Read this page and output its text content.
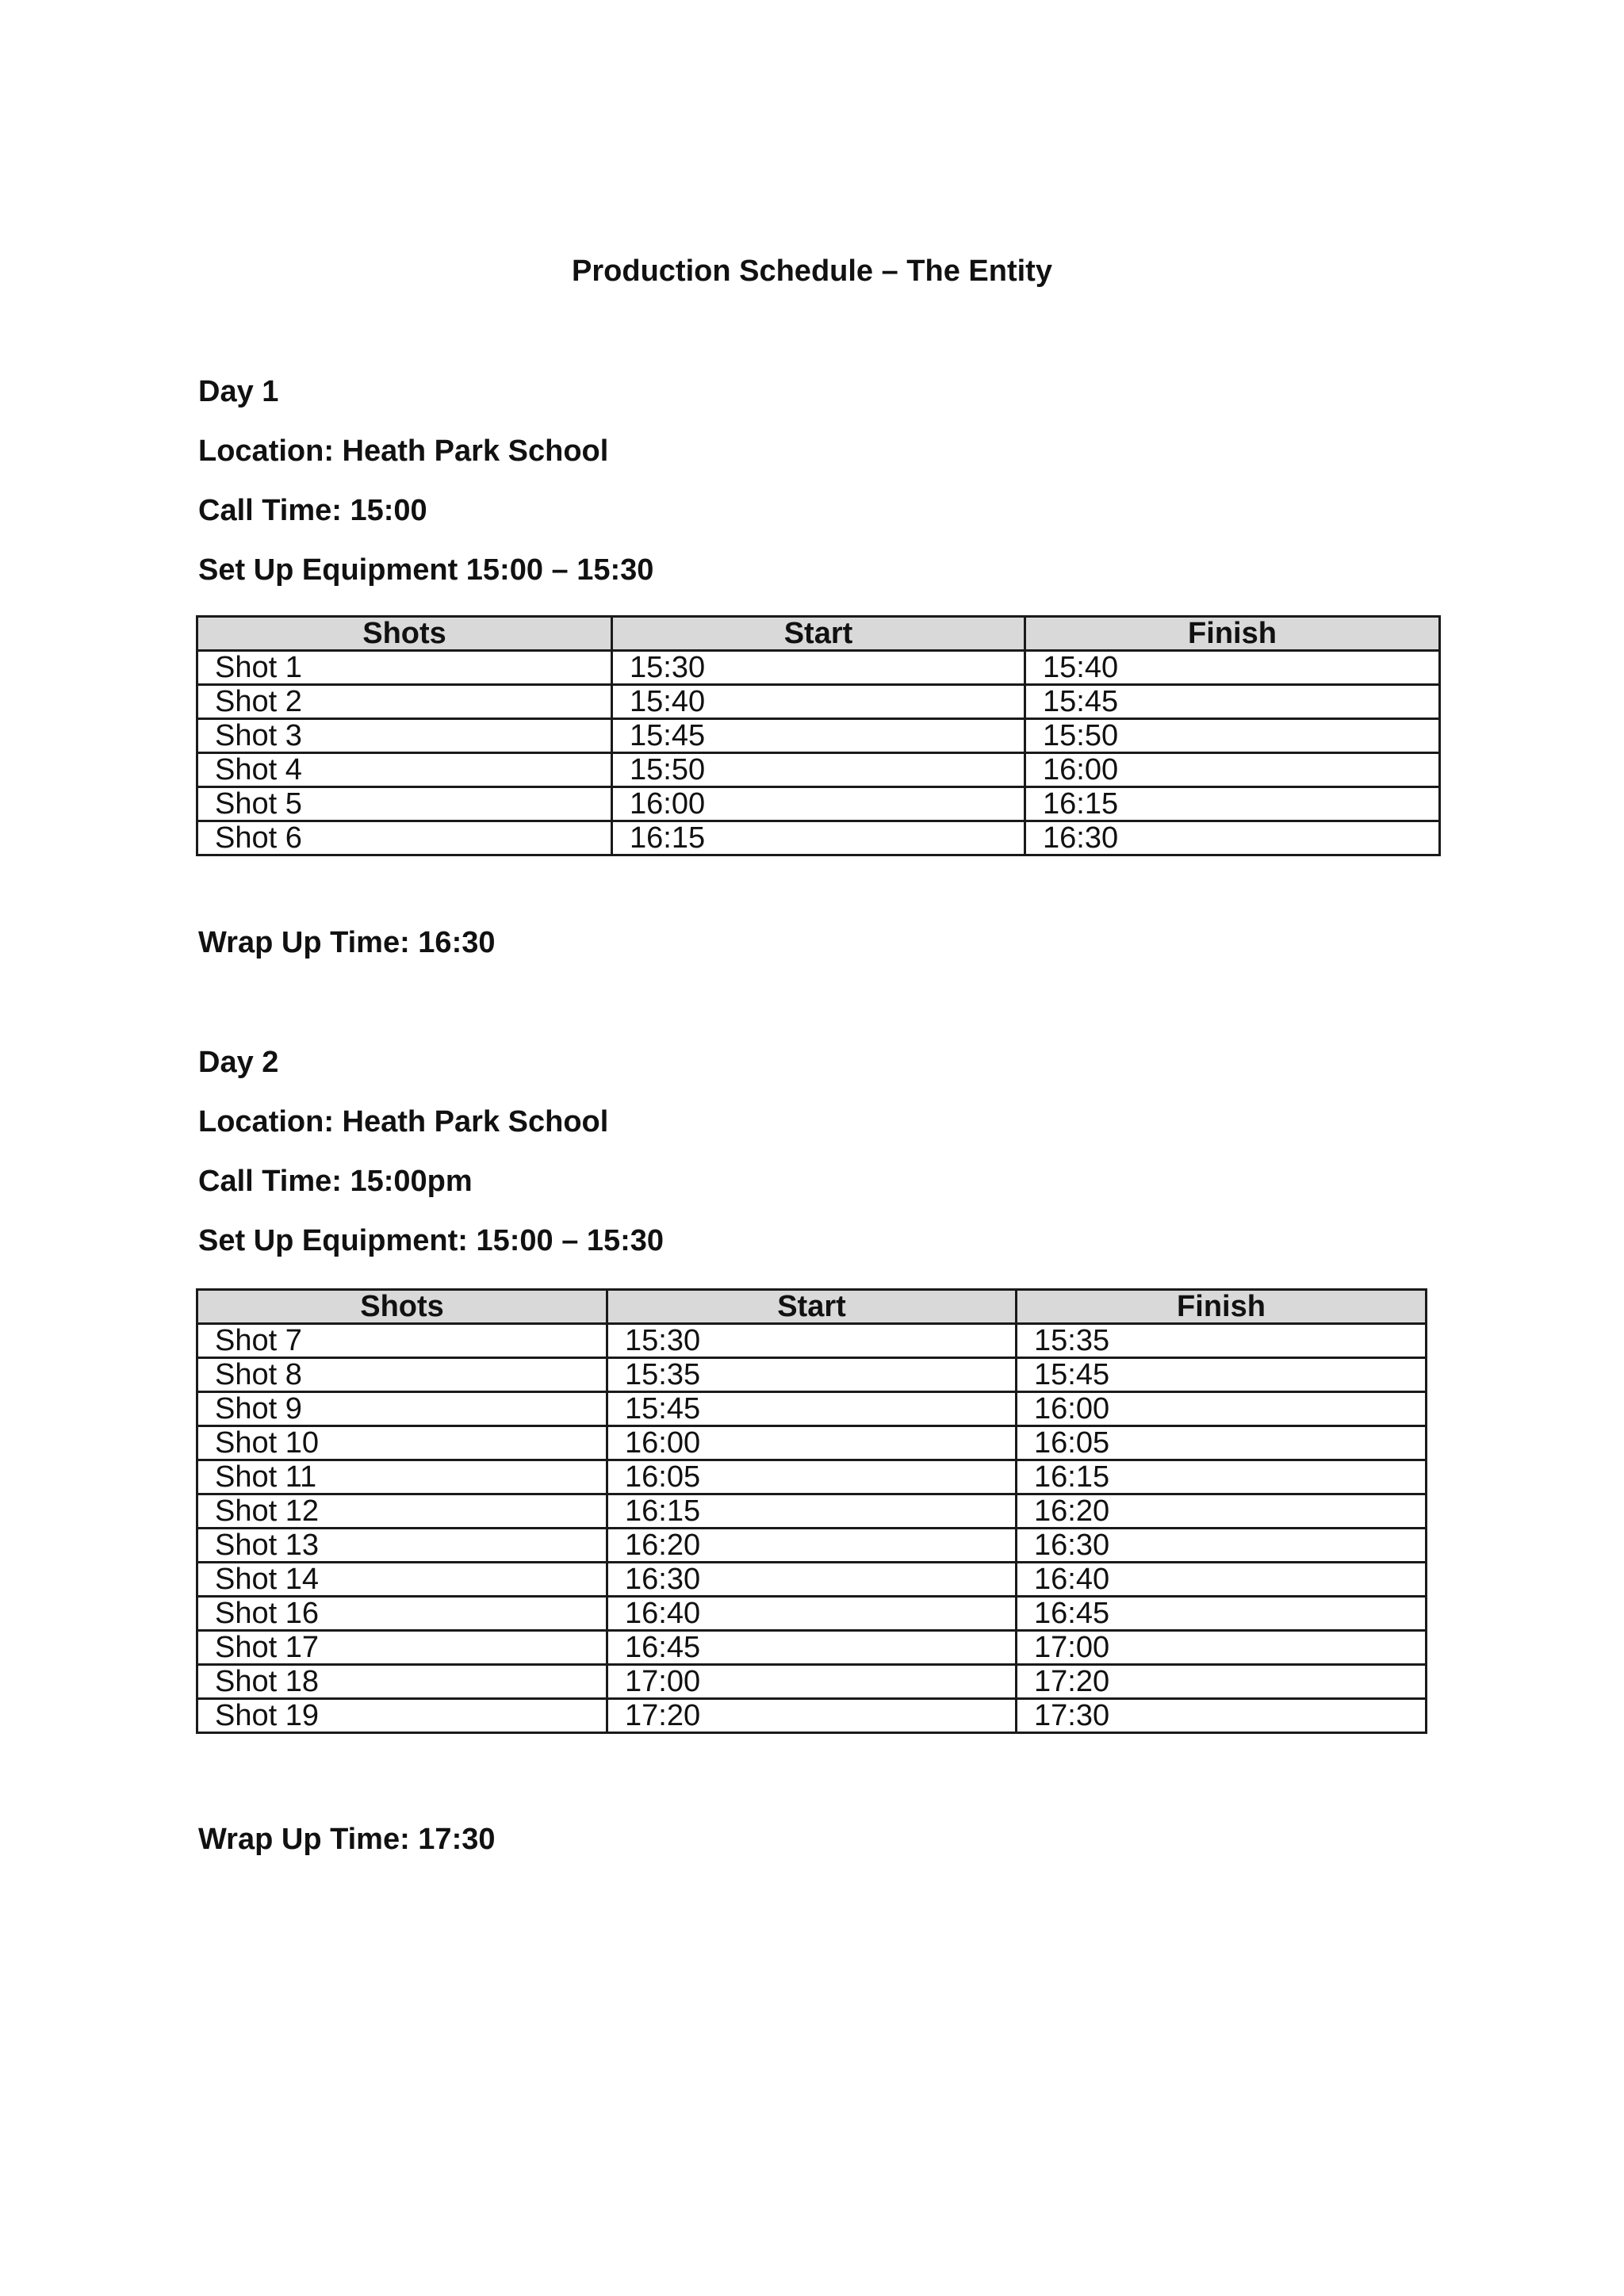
Production Schedule – The Entity
Day 1
Location: Heath Park School
Call Time: 15:00
Set Up Equipment 15:00 – 15:30
Shots	Start	Finish
Shot 1	15:30	15:40
Shot 2	15:40	15:45
Shot 3	15:45	15:50
Shot 4	15:50	16:00
Shot 5	16:00	16:15
Shot 6	16:15	16:30
Wrap Up Time: 16:30
Day 2
Location: Heath Park School
Call Time: 15:00pm
Set Up Equipment: 15:00 – 15:30
Shots	Start	Finish
Shot 7	15:30	15:35
Shot 8	15:35	15:45
Shot 9	15:45	16:00
Shot 10	16:00	16:05
Shot 11	16:05	16:15
Shot 12	16:15	16:20
Shot 13	16:20	16:30
Shot 14	16:30	16:40
Shot 16	16:40	16:45
Shot 17	16:45	17:00
Shot 18	17:00	17:20
Shot 19	17:20	17:30
Wrap Up Time: 17:30
